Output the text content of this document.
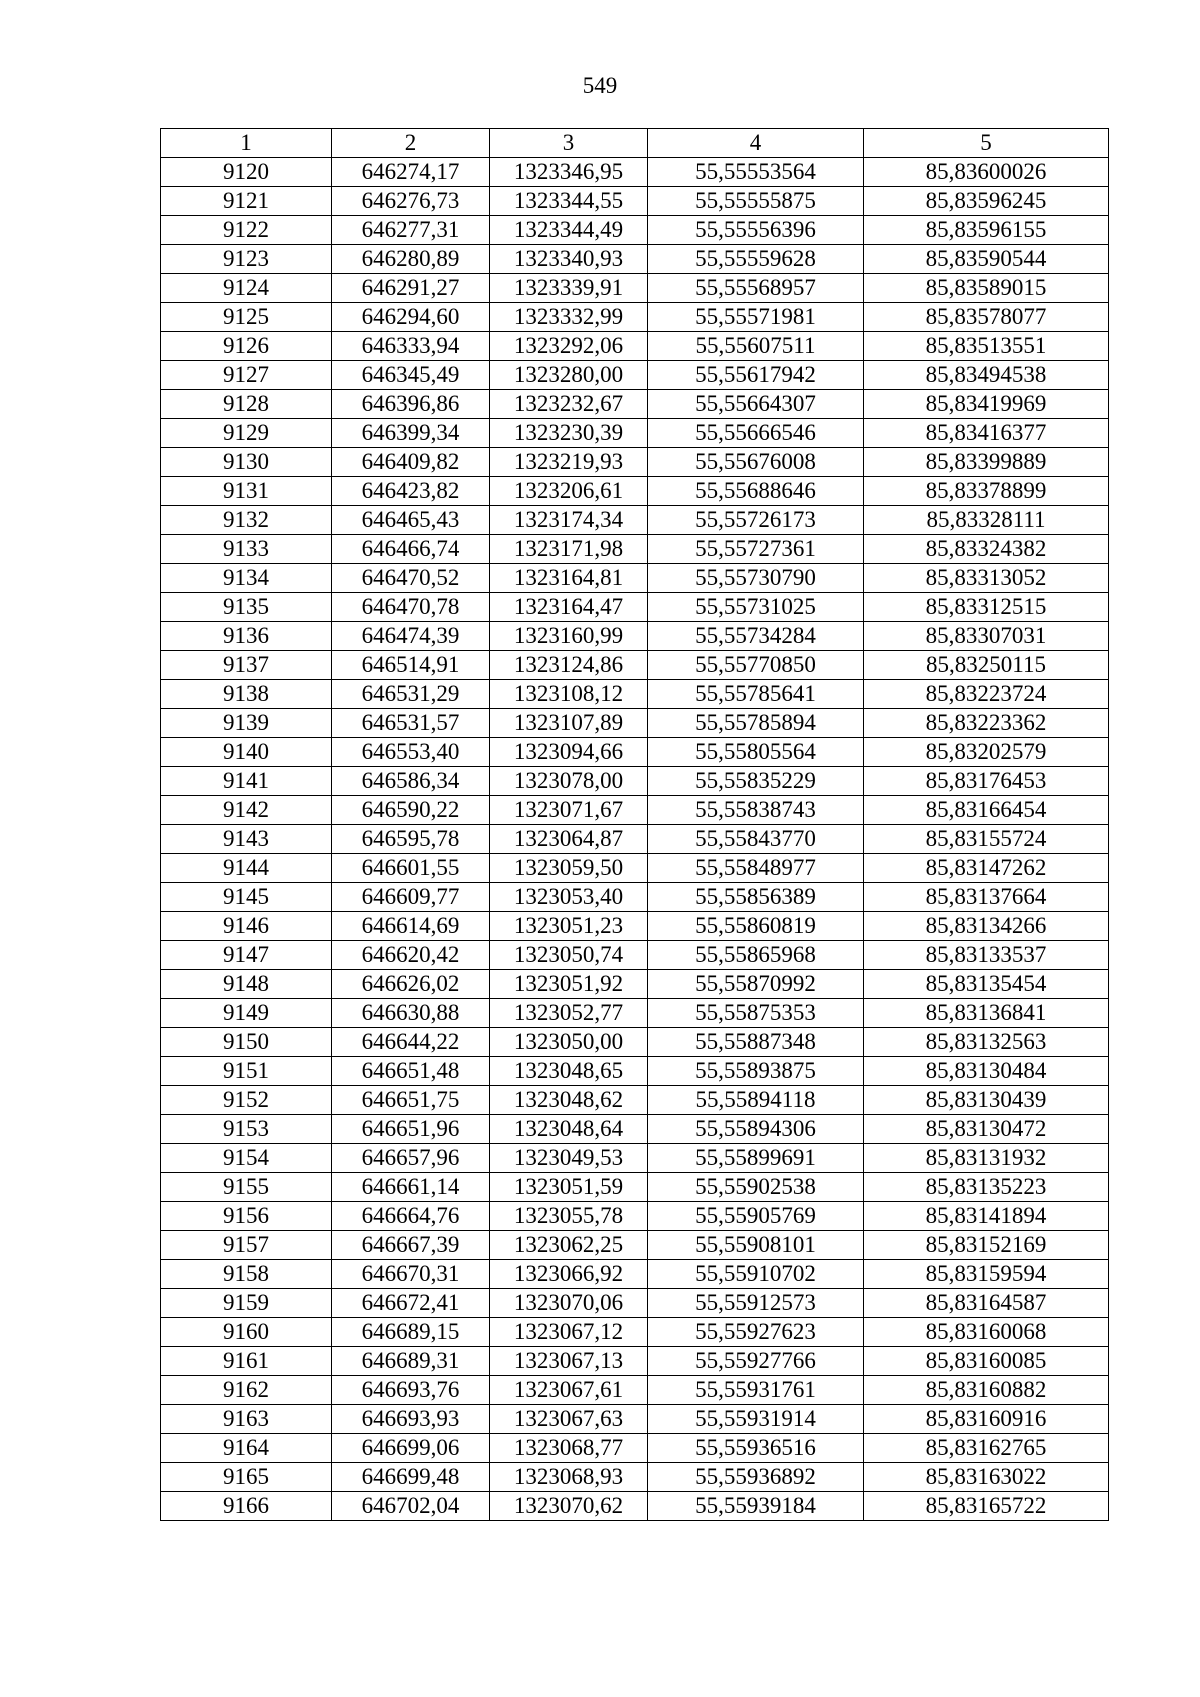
549
1	2	3	4	5
9120	646274,17	1323346,95	55,55553564	85,83600026
9121	646276,73	1323344,55	55,55555875	85,83596245
9122	646277,31	1323344,49	55,55556396	85,83596155
9123	646280,89	1323340,93	55,55559628	85,83590544
9124	646291,27	1323339,91	55,55568957	85,83589015
9125	646294,60	1323332,99	55,55571981	85,83578077
9126	646333,94	1323292,06	55,55607511	85,83513551
9127	646345,49	1323280,00	55,55617942	85,83494538
9128	646396,86	1323232,67	55,55664307	85,83419969
9129	646399,34	1323230,39	55,55666546	85,83416377
9130	646409,82	1323219,93	55,55676008	85,83399889
9131	646423,82	1323206,61	55,55688646	85,83378899
9132	646465,43	1323174,34	55,55726173	85,83328111
9133	646466,74	1323171,98	55,55727361	85,83324382
9134	646470,52	1323164,81	55,55730790	85,83313052
9135	646470,78	1323164,47	55,55731025	85,83312515
9136	646474,39	1323160,99	55,55734284	85,83307031
9137	646514,91	1323124,86	55,55770850	85,83250115
9138	646531,29	1323108,12	55,55785641	85,83223724
9139	646531,57	1323107,89	55,55785894	85,83223362
9140	646553,40	1323094,66	55,55805564	85,83202579
9141	646586,34	1323078,00	55,55835229	85,83176453
9142	646590,22	1323071,67	55,55838743	85,83166454
9143	646595,78	1323064,87	55,55843770	85,83155724
9144	646601,55	1323059,50	55,55848977	85,83147262
9145	646609,77	1323053,40	55,55856389	85,83137664
9146	646614,69	1323051,23	55,55860819	85,83134266
9147	646620,42	1323050,74	55,55865968	85,83133537
9148	646626,02	1323051,92	55,55870992	85,83135454
9149	646630,88	1323052,77	55,55875353	85,83136841
9150	646644,22	1323050,00	55,55887348	85,83132563
9151	646651,48	1323048,65	55,55893875	85,83130484
9152	646651,75	1323048,62	55,55894118	85,83130439
9153	646651,96	1323048,64	55,55894306	85,83130472
9154	646657,96	1323049,53	55,55899691	85,83131932
9155	646661,14	1323051,59	55,55902538	85,83135223
9156	646664,76	1323055,78	55,55905769	85,83141894
9157	646667,39	1323062,25	55,55908101	85,83152169
9158	646670,31	1323066,92	55,55910702	85,83159594
9159	646672,41	1323070,06	55,55912573	85,83164587
9160	646689,15	1323067,12	55,55927623	85,83160068
9161	646689,31	1323067,13	55,55927766	85,83160085
9162	646693,76	1323067,61	55,55931761	85,83160882
9163	646693,93	1323067,63	55,55931914	85,83160916
9164	646699,06	1323068,77	55,55936516	85,83162765
9165	646699,48	1323068,93	55,55936892	85,83163022
9166	646702,04	1323070,62	55,55939184	85,83165722
